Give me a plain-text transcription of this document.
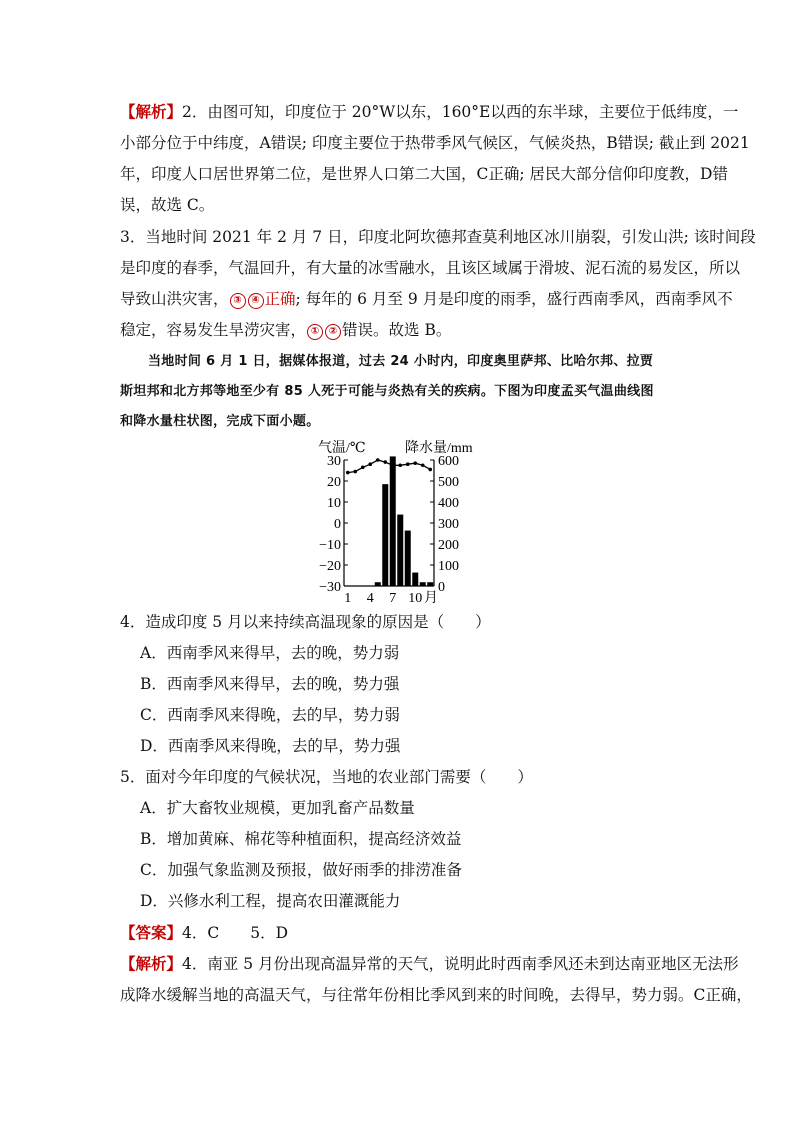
【解析】2．由图可知，印度位于 20°W以东，160°E以西的东半球，主要位于低纬度，一
小部分位于中纬度，A错误; 印度主要位于热带季风气候区，气候炎热，B错误; 截止到 2021
年，印度人口居世界第二位，是世界人口第二大国，C正确; 居民大部分信仰印度教，D错
误，故选 C。
3．当地时间 2021 年 2 月 7 日，印度北阿坎德邦查莫利地区冰川崩裂，引发山洪; 该时间段
是印度的春季，气温回升，有大量的冰雪融水，且该区域属于滑坡、泥石流的易发区，所以
导致山洪灾害， ③ ④ 正确; 每年的 6 月至 9 月是印度的雨季，盛行西南季风，西南季风不
稳定，容易发生旱涝灾害， ① ② 错误。故选 B。
当地时间 6 月 1 日，据媒体报道，过去 24 小时内，印度奥里萨邦、比哈尔邦、拉贾
斯坦邦和北方邦等地至少有 85 人死于可能与炎热有关的疾病。下图为印度孟买气温曲线图
和降水量柱状图，完成下面小题。
气温/℃	降水量/mm
30
20
10
0
−10
−20
−30
600
500
400
300
200
100
0
1 4 7 10 月
4．造成印度 5 月以来持续高温现象的原因是（　　）
A．西南季风来得早，去的晚，势力弱
B．西南季风来得早，去的晚，势力强
C．西南季风来得晚，去的早，势力弱
D．西南季风来得晚，去的早，势力强
5．面对今年印度的气候状况，当地的农业部门需要（　　）
A．扩大畜牧业规模，更加乳畜产品数量
B．增加黄麻、棉花等种植面积，提高经济效益
C．加强气象监测及预报，做好雨季的排涝准备
D．兴修水利工程，提高农田灌溉能力
【答案】4．C　　5．D
【解析】4．南亚 5 月份出现高温异常的天气，说明此时西南季风还未到达南亚地区无法形
成降水缓解当地的高温天气，与往常年份相比季风到来的时间晚，去得早，势力弱。C正确，
